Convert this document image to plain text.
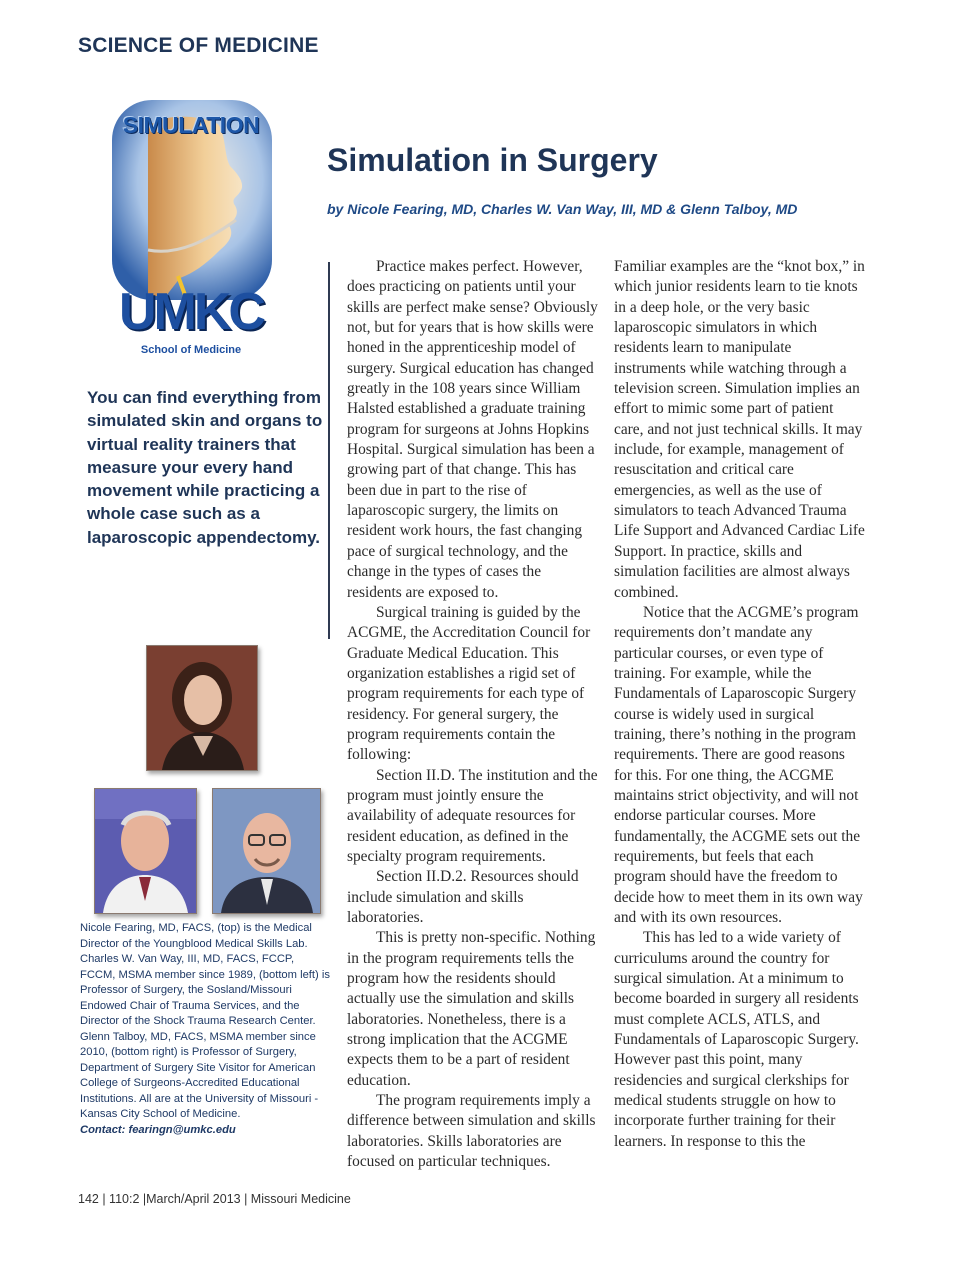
SCIENCE OF MEDICINE
SIMULATION
UMKC
School of Medicine
Simulation in Surgery

by Nicole Fearing, MD, Charles W. Van Way, III, MD & Glenn Talboy, MD

You can find everything from simulated skin and organs to virtual reality trainers that measure your every hand movement while practicing a whole case such as a laparoscopic appendectomy.

Nicole Fearing, MD, FACS, (top) is the Medical Director of the Youngblood Medical Skills Lab. Charles W. Van Way, III, MD, FACS, FCCP, FCCM, MSMA member since 1989, (bottom left) is Professor of Surgery, the Sosland/Missouri Endowed Chair of Trauma Services, and the Director of the Shock Trauma Research Center. Glenn Talboy, MD, FACS, MSMA member since 2010, (bottom right) is Professor of Surgery, Department of Surgery Site Visitor for American College of Surgeons-Accredited Educational Institutions. All are at the University of Missouri - Kansas City School of Medicine.
Contact: fearingn@umkc.edu

Practice makes perfect. However, does practicing on patients until your skills are perfect make sense? Obviously not, but for years that is how skills were honed in the apprenticeship model of surgery. Surgical education has changed greatly in the 108 years since William Halsted established a graduate training program for surgeons at Johns Hopkins Hospital. Surgical simulation has been a growing part of that change. This has been due in part to the rise of laparoscopic surgery, the limits on resident work hours, the fast changing pace of surgical technology, and the change in the types of cases the residents are exposed to.

Surgical training is guided by the ACGME, the Accreditation Council for Graduate Medical Education. This organization establishes a rigid set of program requirements for each type of residency. For general surgery, the program requirements contain the following:

Section II.D. The institution and the program must jointly ensure the availability of adequate resources for resident education, as defined in the specialty program requirements.

Section II.D.2. Resources should include simulation and skills laboratories.

This is pretty non-specific. Nothing in the program requirements tells the program how the residents should actually use the simulation and skills laboratories. Nonetheless, there is a strong implication that the ACGME expects them to be a part of resident education.

The program requirements imply a difference between simulation and skills laboratories. Skills laboratories are focused on particular techniques.

Familiar examples are the “knot box,” in which junior residents learn to tie knots in a deep hole, or the very basic laparoscopic simulators in which residents learn to manipulate instruments while watching through a television screen. Simulation implies an effort to mimic some part of patient care, and not just technical skills. It may include, for example, management of resuscitation and critical care emergencies, as well as the use of simulators to teach Advanced Trauma Life Support and Advanced Cardiac Life Support. In practice, skills and simulation facilities are almost always combined.

Notice that the ACGME’s program requirements don’t mandate any particular courses, or even type of training. For example, while the Fundamentals of Laparoscopic Surgery course is widely used in surgical training, there’s nothing in the program requirements. There are good reasons for this. For one thing, the ACGME maintains strict objectivity, and will not endorse particular courses. More fundamentally, the ACGME sets out the requirements, but feels that each program should have the freedom to decide how to meet them in its own way and with its own resources.

This has led to a wide variety of curriculums around the country for surgical simulation. At a minimum to become boarded in surgery all residents must complete ACLS, ATLS, and Fundamentals of Laparoscopic Surgery. However past this point, many residencies and surgical clerkships for medical students struggle on how to incorporate further training for their learners. In response to this the

142 | 110:2 |March/April 2013 | Missouri Medicine
